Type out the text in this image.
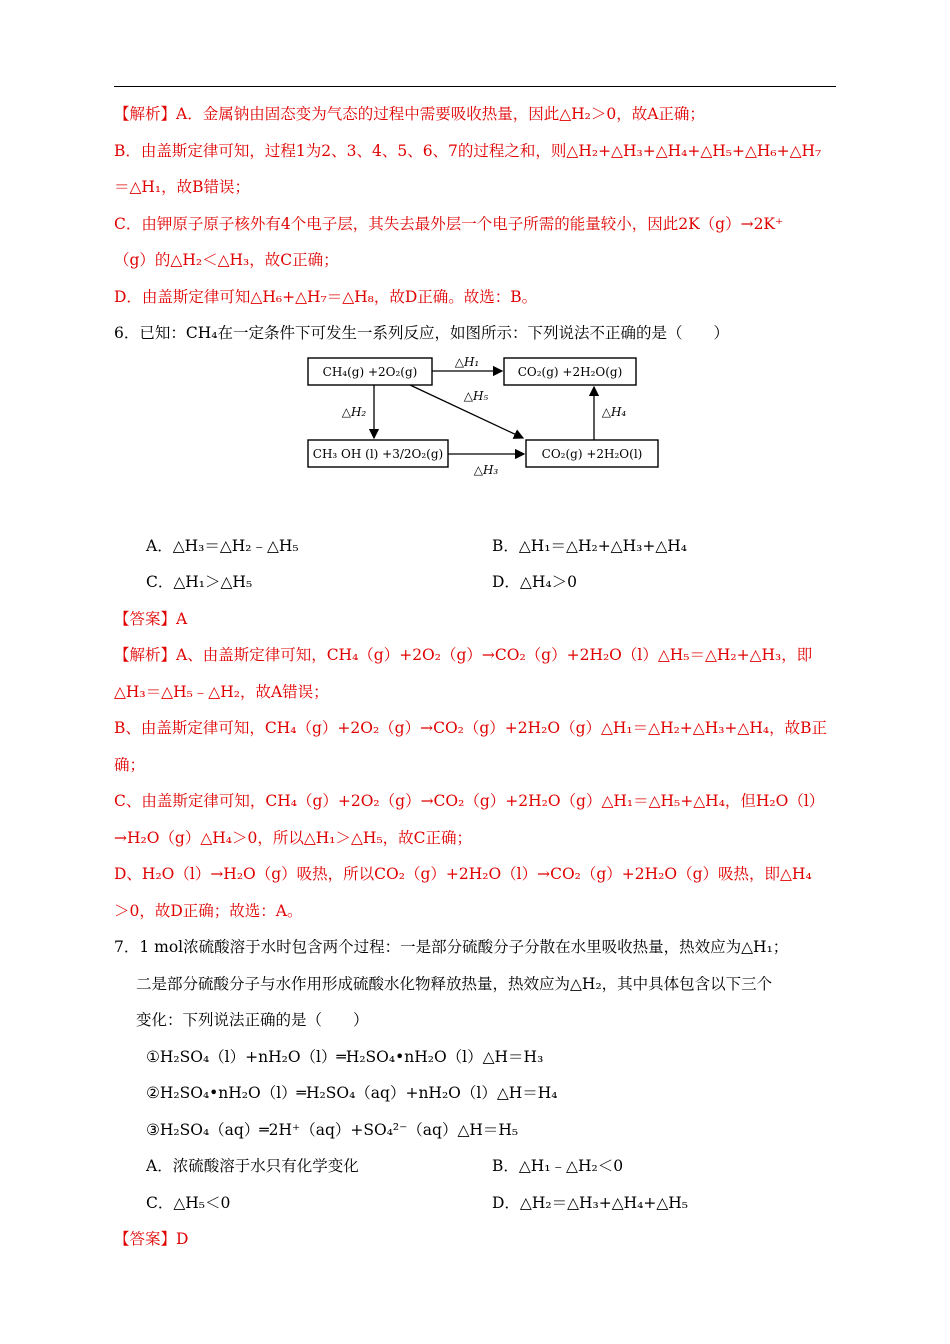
【解析】A．金属钠由固态变为气态的过程中需要吸收热量，因此△H₂＞0，故A正确；
B．由盖斯定律可知，过程1为2、3、4、5、6、7的过程之和，则△H₂+△H₃+△H₄+△H₅+△H₆+△H₇
＝△H₁，故B错误；
C．由钾原子原子核外有4个电子层，其失去最外层一个电子所需的能量较小，因此2K（g）→2K⁺
（g）的△H₂＜△H₃，故C正确；
D．由盖斯定律可知△H₆+△H₇＝△H₈，故D正确。故选：B。
6．已知：CH₄在一定条件下可发生一系列反应，如图所示：下列说法不正确的是（　　）
CH₄(g) +2O₂(g)	CO₂(g) +2H₂O(g)
CH₃ OH (l) +3/2O₂(g)	CO₂(g) +2H₂O(l)
△H₁
△H₂
△H₃
△H₄
△H₅
A．△H₃＝△H₂﹣△H₅	B．△H₁＝△H₂+△H₃+△H₄
C．△H₁＞△H₅	D．△H₄＞0
【答案】A
【解析】A、由盖斯定律可知，CH₄（g）+2O₂（g）→CO₂（g）+2H₂O（l）△H₅＝△H₂+△H₃，即
△H₃＝△H₅﹣△H₂，故A错误；
B、由盖斯定律可知，CH₄（g）+2O₂（g）→CO₂（g）+2H₂O（g）△H₁＝△H₂+△H₃+△H₄，故B正
确；
C、由盖斯定律可知，CH₄（g）+2O₂（g）→CO₂（g）+2H₂O（g）△H₁＝△H₅+△H₄，但H₂O（l）
→H₂O（g）△H₄＞0，所以△H₁＞△H₅，故C正确；
D、H₂O（l）→H₂O（g）吸热，所以CO₂（g）+2H₂O（l）→CO₂（g）+2H₂O（g）吸热，即△H₄
＞0，故D正确；故选：A。
7．1 mol浓硫酸溶于水时包含两个过程：一是部分硫酸分子分散在水里吸收热量，热效应为△H₁；
二是部分硫酸分子与水作用形成硫酸水化物释放热量，热效应为△H₂，其中具体包含以下三个
变化：下列说法正确的是（　　）
①H₂SO₄（l）+nH₂O（l）═H₂SO₄•nH₂O（l）△H＝H₃
②H₂SO₄•nH₂O（l）═H₂SO₄（aq）+nH₂O（l）△H＝H₄
③H₂SO₄（aq）═2H⁺（aq）+SO₄²⁻（aq）△H＝H₅
A．浓硫酸溶于水只有化学变化	B．△H₁﹣△H₂＜0
C．△H₅＜0	D．△H₂＝△H₃+△H₄+△H₅
【答案】D
